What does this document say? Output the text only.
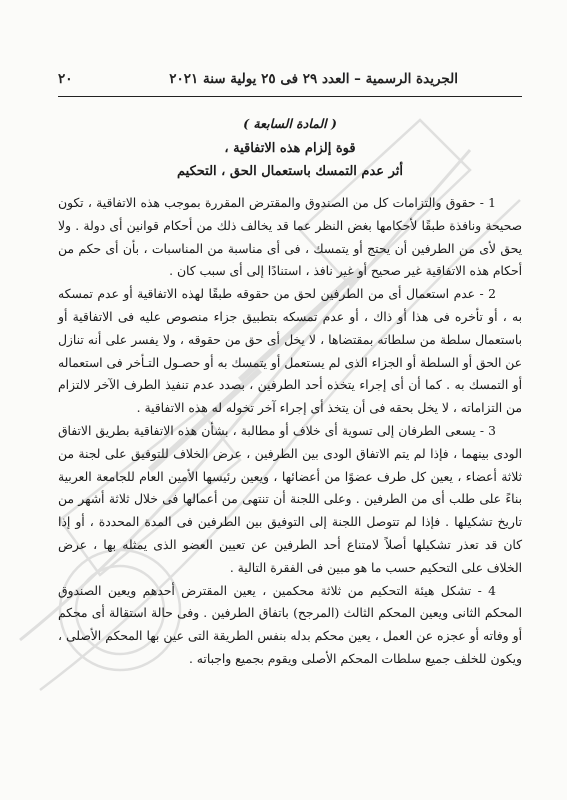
الجريدة الرسمية – العدد ٢٩ فى ٢٥ يولية سنة ٢٠٢١
٢٠
( المادة السابعة )
قوة إلزام هذه الاتفاقية ،
أثر عدم التمسك باستعمال الحق ، التحكيم

1 - حقوق والتزامات كل من الصندوق والمقترض المقررة بموجب هذه الاتفاقية ، تكون صحيحة ونافذة طبقًا لأحكامها بغض النظر عما قد يخالف ذلك من أحكام قوانين أى دولة . ولا يحق لأى من الطرفين أن يحتج أو يتمسك ، فى أى مناسبة من المناسبات ، بأن أى حكم من أحكام هذه الاتفاقية غير صحيح أو غير نافذ ، استنادًا إلى أى سبب كان .

2 - عدم استعمال أى من الطرفين لحق من حقوقه طبقًا لهذه الاتفاقية أو عدم تمسكه به ، أو تأخره فى هذا أو ذاك ، أو عدم تمسكه بتطبيق جزاء منصوص عليه فى الاتفاقية أو باستعمال سلطة من سلطاته بمقتضاها ، لا يخل أى حق من حقوقه ، ولا يفسر على أنه تنازل عن الحق أو السلطة أو الجزاء الذى لم يستعمل أو يتمسك به أو حصـول التـأخر فى استعماله أو التمسك به . كما أن أى إجراء يتخذه أحد الطرفين ، بصدد عدم تنفيذ الطرف الآخر لالتزام من التزاماته ، لا يخل بحقه فى أن يتخذ أى إجراء آخر تخوله له هذه الاتفاقية .

3 - يسعى الطرفان إلى تسوية أى خلاف أو مطالبة ، بشأن هذه الاتفاقية بطريق الاتفاق الودى بينهما ، فإذا لم يتم الاتفاق الودى بين الطرفين ، عرض الخلاف للتوفيق على لجنة من ثلاثة أعضاء ، يعين كل طرف عضوًا من أعضائها ، ويعين رئيسها الأمين العام للجامعة العربية بناءً على طلب أى من الطرفين . وعلى اللجنة أن تنتهى من أعمالها فى خلال ثلاثة أشهر من تاريخ تشكيلها . فإذا لم تتوصل اللجنة إلى التوفيق بين الطرفين فى المدة المحددة ، أو إذا كان قد تعذر تشكيلها أصلاً لامتناع أحد الطرفين عن تعيين العضو الذى يمثله بها ، عرض الخلاف على التحكيم حسب ما هو مبين فى الفقرة التالية .

4 - تشكل هيئة التحكيم من ثلاثة محكمين ، يعين المقترض أحدهم ويعين الصندوق المحكم الثانى ويعين المحكم الثالث (المرجح) باتفاق الطرفين . وفى حالة استقالة أى محكم أو وفاته أو عجزه عن العمل ، يعين محكم بدله بنفس الطريقة التى عين بها المحكم الأصلى ، ويكون للخلف جميع سلطات المحكم الأصلى ويقوم بجميع واجباته .
